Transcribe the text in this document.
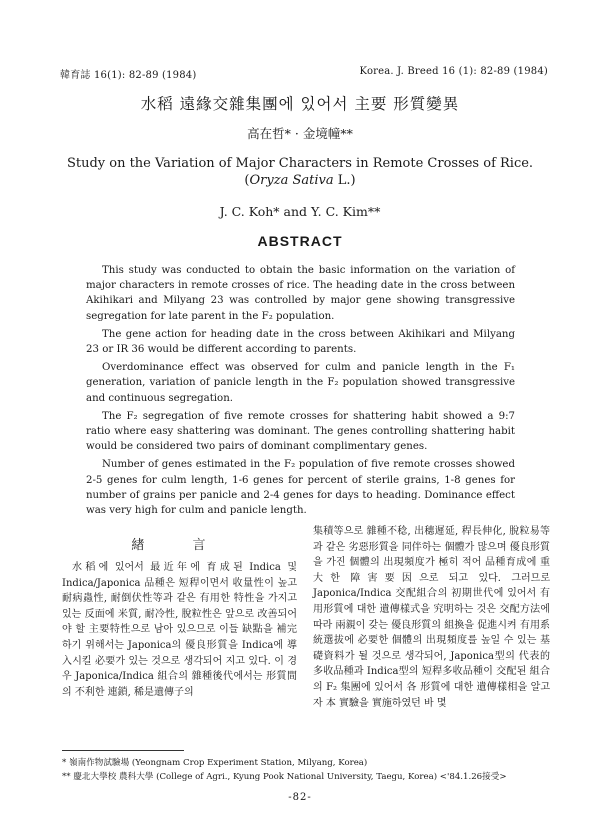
韓育誌 16(1): 82-89 (1984)	Korea. J. Breed 16 (1): 82-89 (1984)
水稻 遠緣交雜集團에 있어서 主要 形質變異
高在哲* · 金境幢**
Study on the Variation of Major Characters in Remote Crosses of Rice.
(Oryza Sativa L.)
J. C. Koh* and Y. C. Kim**
ABSTRACT

This study was conducted to obtain the basic information on the variation of major characters in remote crosses of rice. The heading date in the cross between Akihikari and Milyang 23 was controlled by major gene showing transgressive segregation for late parent in the F₂ population.

The gene action for heading date in the cross between Akihikari and Milyang 23 or IR 36 would be different according to parents.

Overdominance effect was observed for culm and panicle length in the F₁ generation, variation of panicle length in the F₂ population showed transgressive and continuous segregation.

The F₂ segregation of five remote crosses for shattering habit showed a 9:7 ratio where easy shattering was dominant. The genes controlling shattering habit would be considered two pairs of dominant complimentary genes.

Number of genes estimated in the F₂ population of five remote crosses showed 2-5 genes for culm length, 1-6 genes for percent of sterile grains, 1-8 genes for number of grains per panicle and 2-4 genes for days to heading. Dominance effect was very high for culm and panicle length.

水稻에 있어서 最近年에 育成된 Indica 및 Indica/Japonica 品種은 短稈이면서 收量性이 높고 耐病蟲性, 耐倒伏性等과 같은 有用한 特性을 가지고 있는 反面에 米質, 耐冷性, 脫粒性은 앞으로 改善되어야 할 主要特性으로 남아 있으므로 이들 缺點을 補完하기 위해서는 Japonica의 優良形質을 Indica에 導入시킬 必要가 있는 것으로 생각되어 지고 있다. 이 경우 Japonica/Indica 組合의 雜種後代에서는 形質間의 不利한 連鎖, 稀是遺傳子의

集積等으로 雜種不稔, 出穗遲延, 稈長伸化, 脫粒易等과 같은 劣惡形質을 同伴하는 個體가 많으며 優良形質을 가진 個體의 出現頻度가 極히 적어 品種育成에 重大한 障害要因으로 되고 있다. 그러므로 Japonica/Indica 交配組合의 初期世代에 있어서 有用形質에 대한 遺傳樣式을 究明하는 것은 交配方法에 따라 兩親이 갖는 優良形質의 組換을 促進시켜 有用系統選拔에 必要한 個體의 出現頻度를 높일 수 있는 基礎資料가 될 것으로 생각되어, Japonica型의 代表的 多收品種과 Indica型의 短稈多收品種이 交配된 組合의 F₂ 集團에 있어서 各 形質에 대한 遺傳樣相을 알고자 本 實驗을 實施하였던 바 몇

緖 言
* 嶺南作物試驗場 (Yeongnam Crop Experiment Station, Milyang, Korea)
** 慶北大學校 農科大學 (College of Agri., Kyung Pook National University, Taegu, Korea) <'84.1.26接受>
-82-
